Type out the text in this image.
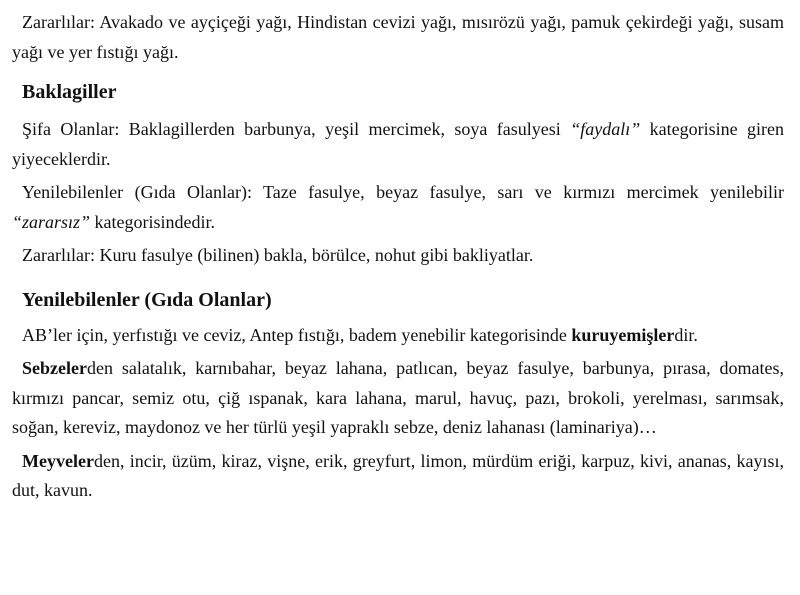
Zararlılar: Avakado ve ayçiçeği yağı, Hindistan cevizi yağı, mısırözü yağı, pamuk çekirdeği yağı, susam yağı ve yer fıstığı yağı.

Baklagiller

Şifa Olanlar: Baklagillerden barbunya, yeşil mercimek, soya fasulyesi “faydalı” kategorisine giren yiyeceklerdir.

Yenilebilenler (Gıda Olanlar): Taze fasulye, beyaz fasulye, sarı ve kırmızı mercimek yenilebilir “zararsız” kategorisindedir.

Zararlılar: Kuru fasulye (bilinen) bakla, börülce, nohut gibi bakliyatlar.

Yenilebilenler (Gıda Olanlar)

AB’ler için, yerfıstığı ve ceviz, Antep fıstığı, badem yenebilir kategorisinde kuruyemişlerdir.

Sebzelerden salatalık, karnıbahar, beyaz lahana, patlıcan, beyaz fasulye, barbunya, pırasa, domates, kırmızı pancar, semiz otu, çiğ ıspanak, kara lahana, marul, havuç, pazı, brokoli, yerelması, sarımsak, soğan, kereviz, maydonoz ve her türlü yeşil yapraklı sebze, deniz lahanası (laminariya)…

Meyvelerden, incir, üzüm, kiraz, vişne, erik, greyfurt, limon, mürdüm eriği, karpuz, kivi, ananas, kayısı, dut, kavun.
